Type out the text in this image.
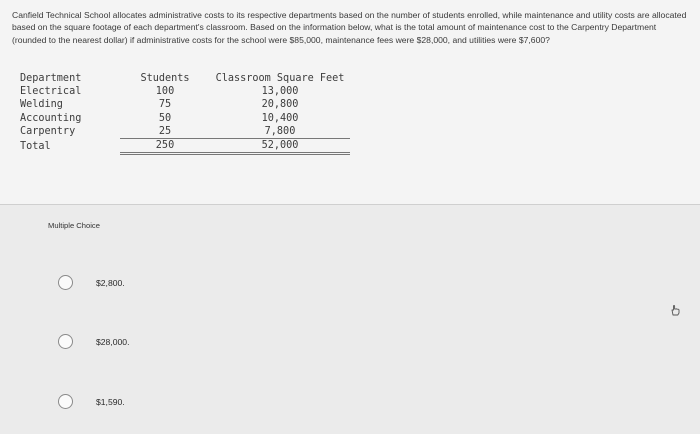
Canfield Technical School allocates administrative costs to its respective departments based on the number of students enrolled, while maintenance and utility costs are allocated based on the square footage of each department's classroom. Based on the information below, what is the total amount of maintenance cost to the Carpentry Department (rounded to the nearest dollar) if administrative costs for the school were $85,000, maintenance fees were $28,000, and utilities were $7,600?
Department	Students	Classroom Square Feet
Electrical	100	13,000
Welding	75	20,800
Accounting	50	10,400
Carpentry	25	7,800
Total	250	52,000
Multiple Choice
$2,800.
$28,000.
$1,590.
